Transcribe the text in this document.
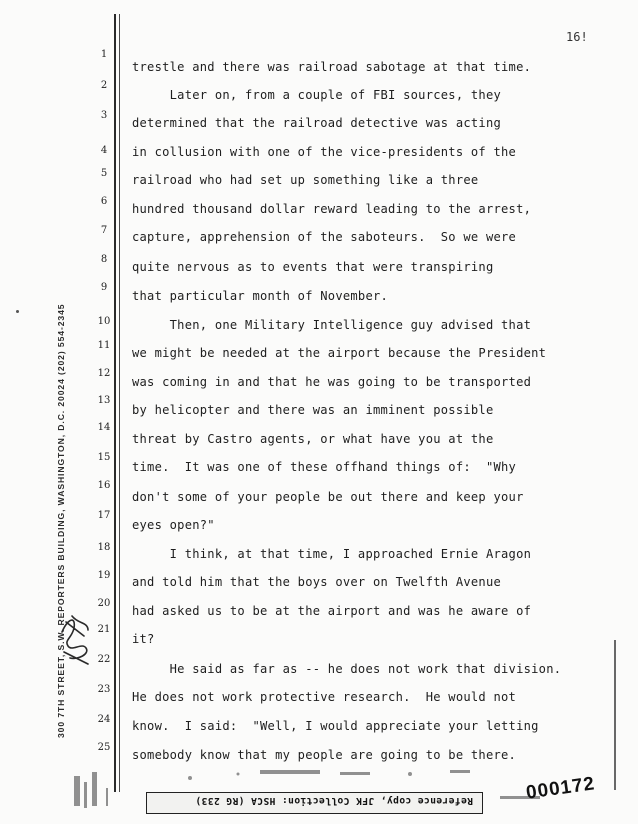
300 7TH STREET, S.W. REPORTERS BUILDING, WASHINGTON, D.C. 20024 (202) 554-2345
16!
1
2
3
4
5
6
7
8
9
10
11
12
13
14
15
16
17
18
19
20
21
22
23
24
25
trestle and there was railroad sabotage at that time.
Later on, from a couple of FBI sources, they
determined that the railroad detective was acting
in collusion with one of the vice-presidents of the
railroad who had set up something like a three
hundred thousand dollar reward leading to the arrest,
capture, apprehension of the saboteurs.  So we were
quite nervous as to events that were transpiring
that particular month of November.
Then, one Military Intelligence guy advised that
we might be needed at the airport because the President
was coming in and that he was going to be transported
by helicopter and there was an imminent possible
threat by Castro agents, or what have you at the
time.  It was one of these offhand things of:  "Why
don't some of your people be out there and keep your
eyes open?"
I think, at that time, I approached Ernie Aragon
and told him that the boys over on Twelfth Avenue
had asked us to be at the airport and was he aware of
it?
He said as far as -- he does not work that division.
He does not work protective research.  He would not
know.  I said:  "Well, I would appreciate your letting
somebody know that my people are going to be there.
Reference copy, JFK Collection: HSCA (RG 233)	000172
